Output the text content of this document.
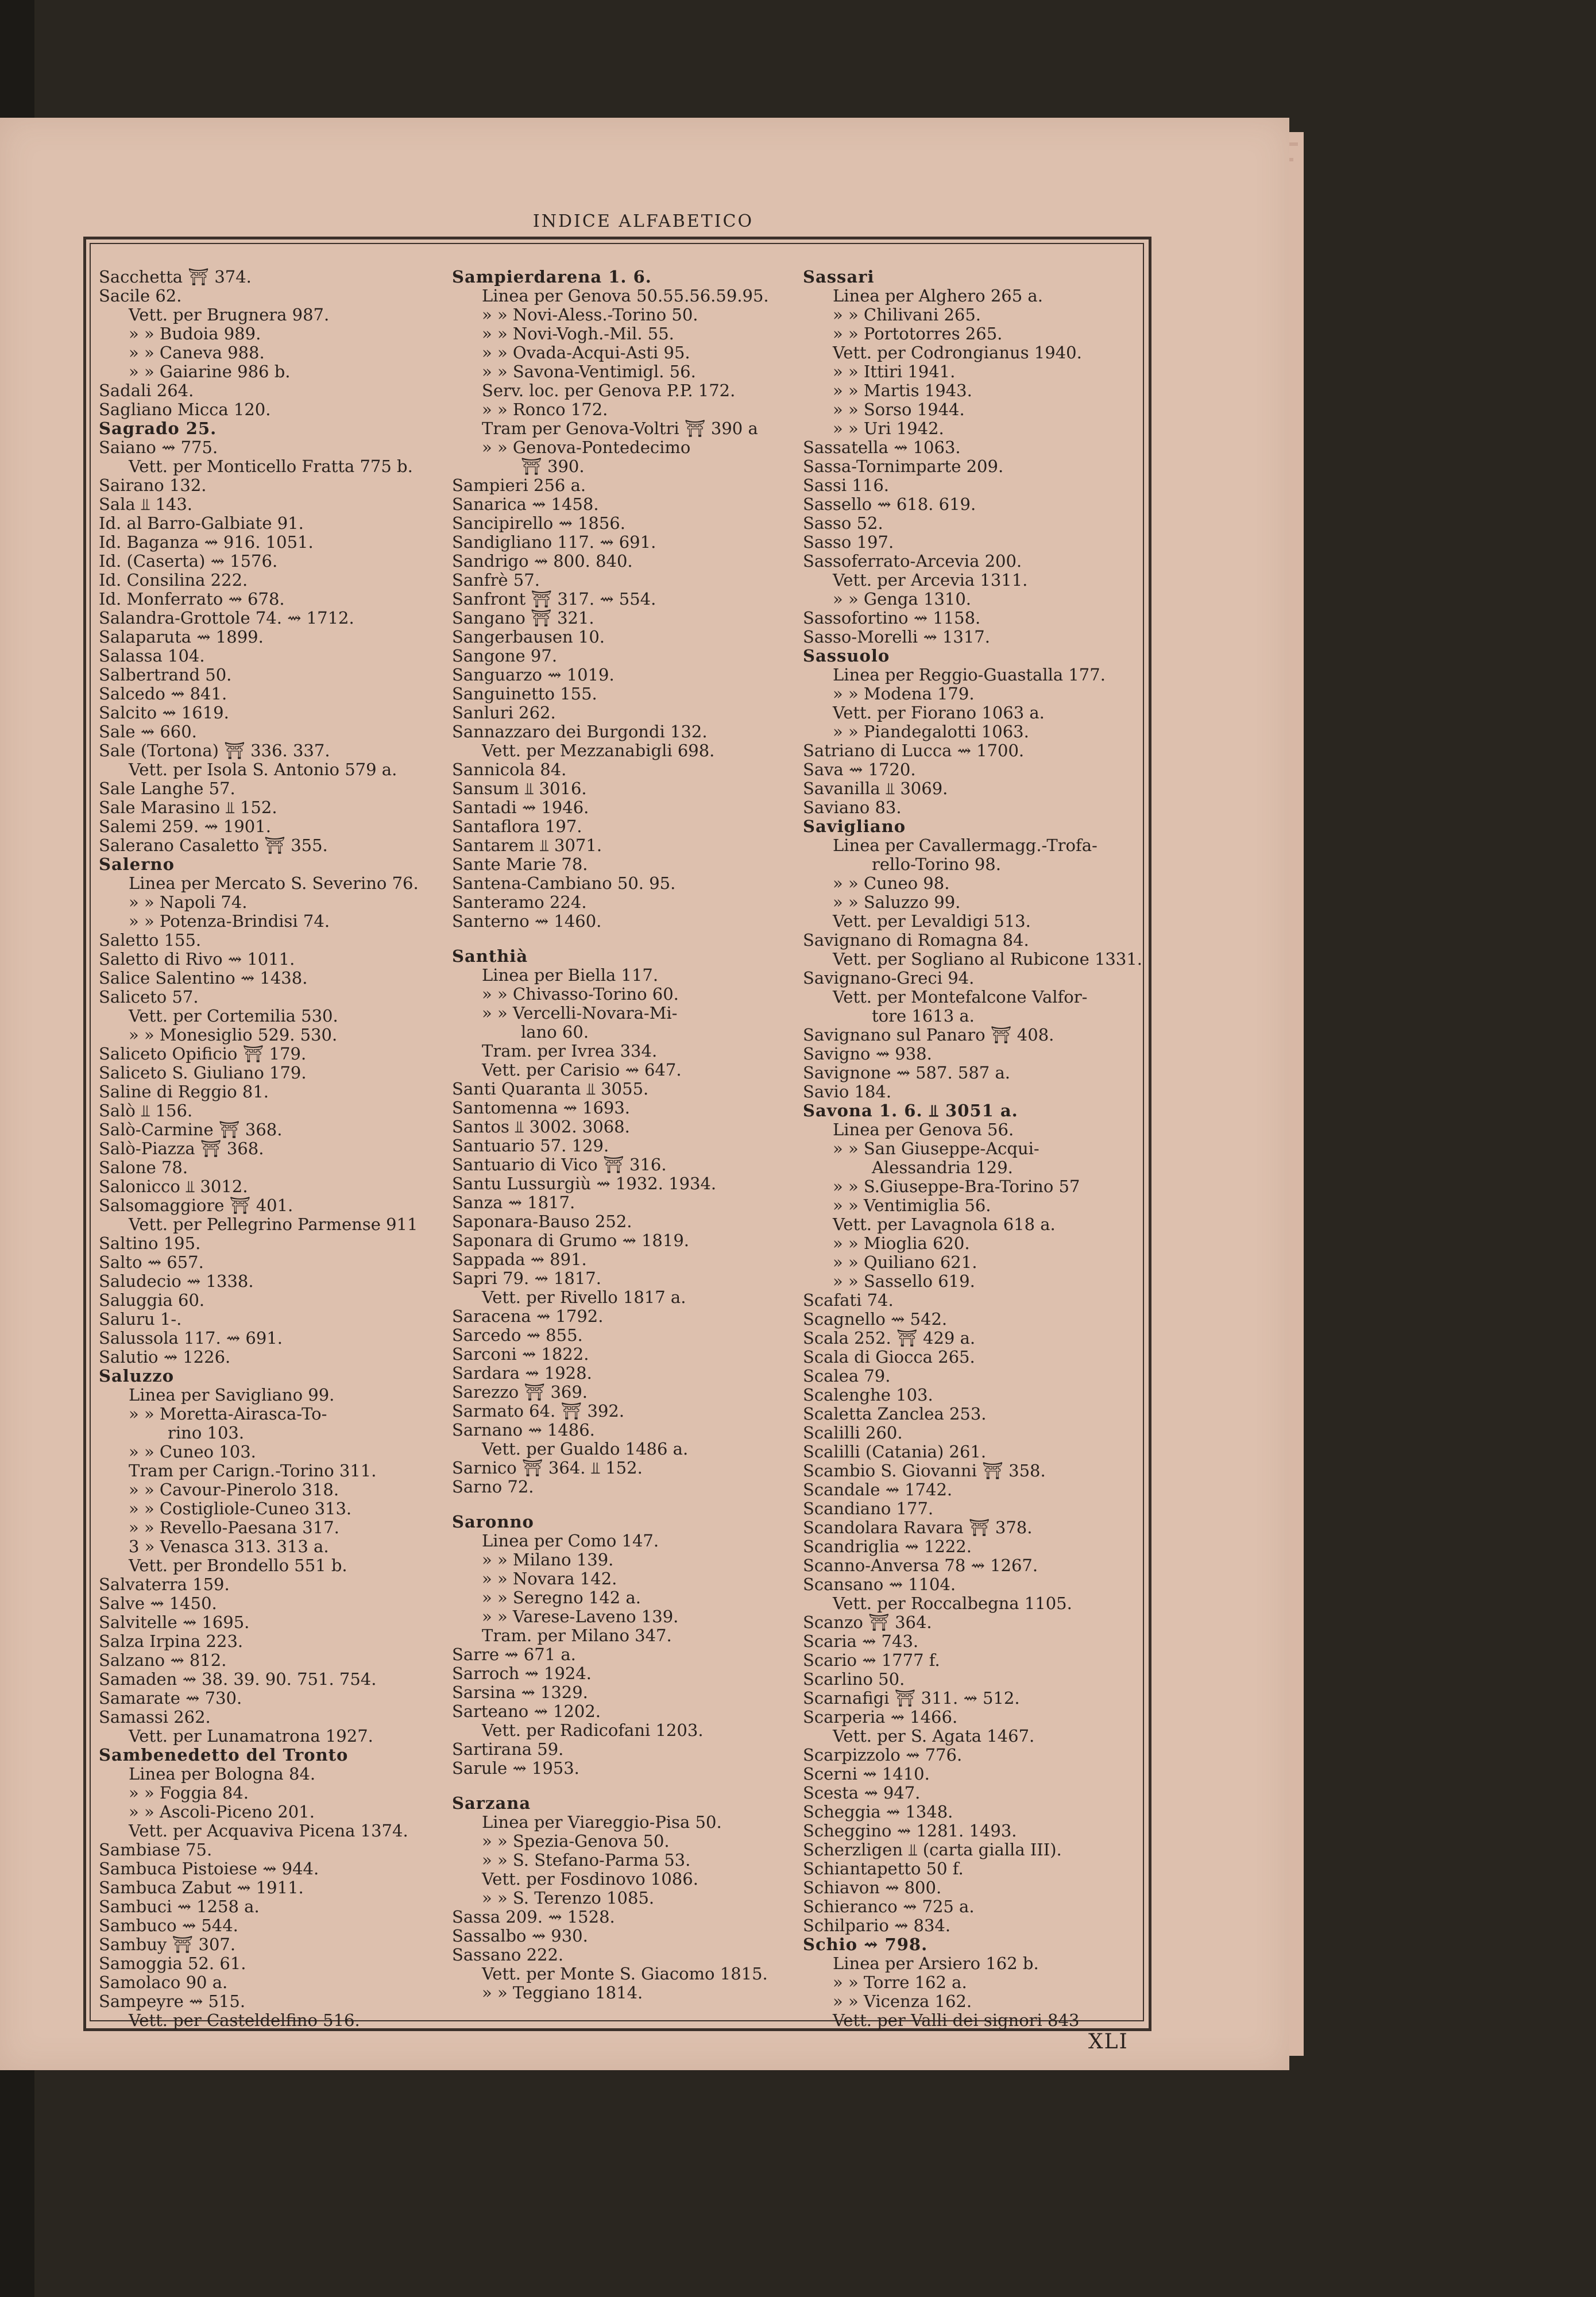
INDICE ALFABETICO
Sacchetta ⛩ 374.
Sacile 62.
Vett. per Brugnera 987.
» » Budoia 989.
» » Caneva 988.
» » Gaiarine 986 b.
Sadali 264.
Sagliano Micca 120.
Sagrado 25.
Saiano ⇝ 775.
Vett. per Monticello Fratta 775 b.
Sairano 132.
Sala ⫫ 143.
Id. al Barro-Galbiate 91.
Id. Baganza ⇝ 916. 1051.
Id. (Caserta) ⇝ 1576.
Id. Consilina 222.
Id. Monferrato ⇝ 678.
Salandra-Grottole 74. ⇝ 1712.
Salaparuta ⇝ 1899.
Salassa 104.
Salbertrand 50.
Salcedo ⇝ 841.
Salcito ⇝ 1619.
Sale ⇝ 660.
Sale (Tortona) ⛩ 336. 337.
Vett. per Isola S. Antonio 579 a.
Sale Langhe 57.
Sale Marasino ⫫ 152.
Salemi 259. ⇝ 1901.
Salerano Casaletto ⛩ 355.
Salerno
Linea per Mercato S. Severino 76.
» » Napoli 74.
» » Potenza-Brindisi 74.
Saletto 155.
Saletto di Rivo ⇝ 1011.
Salice Salentino ⇝ 1438.
Saliceto 57.
Vett. per Cortemilia 530.
» » Monesiglio 529. 530.
Saliceto Opificio ⛩ 179.
Saliceto S. Giuliano 179.
Saline di Reggio 81.
Salò ⫫ 156.
Salò-Carmine ⛩ 368.
Salò-Piazza ⛩ 368.
Salone 78.
Salonicco ⫫ 3012.
Salsomaggiore ⛩ 401.
Vett. per Pellegrino Parmense 911
Saltino 195.
Salto ⇝ 657.
Saludecio ⇝ 1338.
Saluggia 60.
Saluru 1-.
Salussola 117. ⇝ 691.
Salutio ⇝ 1226.
Saluzzo
Linea per Savigliano 99.
» » Moretta-Airasca-To-
rino 103.
» » Cuneo 103.
Tram per Carign.-Torino 311.
» » Cavour-Pinerolo 318.
» » Costigliole-Cuneo 313.
» » Revello-Paesana 317.
3 » Venasca 313. 313 a.
Vett. per Brondello 551 b.
Salvaterra 159.
Salve ⇝ 1450.
Salvitelle ⇝ 1695.
Salza Irpina 223.
Salzano ⇝ 812.
Samaden ⇝ 38. 39. 90. 751. 754.
Samarate ⇝ 730.
Samassi 262.
Vett. per Lunamatrona 1927.
Sambenedetto del Tronto
Linea per Bologna 84.
» » Foggia 84.
» » Ascoli-Piceno 201.
Vett. per Acquaviva Picena 1374.
Sambiase 75.
Sambuca Pistoiese ⇝ 944.
Sambuca Zabut ⇝ 1911.
Sambuci ⇝ 1258 a.
Sambuco ⇝ 544.
Sambuy ⛩ 307.
Samoggia 52. 61.
Samolaco 90 a.
Sampeyre ⇝ 515.
Vett. per Casteldelfino 516.
Sampierdarena 1. 6.
Linea per Genova 50.55.56.59.95.
» » Novi-Aless.-Torino 50.
» » Novi-Vogh.-Mil. 55.
» » Ovada-Acqui-Asti 95.
» » Savona-Ventimigl. 56.
Serv. loc. per Genova P.P. 172.
» » Ronco 172.
Tram per Genova-Voltri ⛩ 390 a
» » Genova-Pontedecimo
⛩ 390.
Sampieri 256 a.
Sanarica ⇝ 1458.
Sancipirello ⇝ 1856.
Sandigliano 117. ⇝ 691.
Sandrigo ⇝ 800. 840.
Sanfrè 57.
Sanfront ⛩ 317. ⇝ 554.
Sangano ⛩ 321.
Sangerbausen 10.
Sangone 97.
Sanguarzo ⇝ 1019.
Sanguinetto 155.
Sanluri 262.
Sannazzaro dei Burgondi 132.
Vett. per Mezzanabigli 698.
Sannicola 84.
Sansum ⫫ 3016.
Santadi ⇝ 1946.
Santaflora 197.
Santarem ⫫ 3071.
Sante Marie 78.
Santena-Cambiano 50. 95.
Santeramo 224.
Santerno ⇝ 1460.
Santhià
Linea per Biella 117.
» » Chivasso-Torino 60.
» » Vercelli-Novara-Mi-
lano 60.
Tram. per Ivrea 334.
Vett. per Carisio ⇝ 647.
Santi Quaranta ⫫ 3055.
Santomenna ⇝ 1693.
Santos ⫫ 3002. 3068.
Santuario 57. 129.
Santuario di Vico ⛩ 316.
Santu Lussurgiù ⇝ 1932. 1934.
Sanza ⇝ 1817.
Saponara-Bauso 252.
Saponara di Grumo ⇝ 1819.
Sappada ⇝ 891.
Sapri 79. ⇝ 1817.
Vett. per Rivello 1817 a.
Saracena ⇝ 1792.
Sarcedo ⇝ 855.
Sarconi ⇝ 1822.
Sardara ⇝ 1928.
Sarezzo ⛩ 369.
Sarmato 64. ⛩ 392.
Sarnano ⇝ 1486.
Vett. per Gualdo 1486 a.
Sarnico ⛩ 364. ⫫ 152.
Sarno 72.
Saronno
Linea per Como 147.
» » Milano 139.
» » Novara 142.
» » Seregno 142 a.
» » Varese-Laveno 139.
Tram. per Milano 347.
Sarre ⇝ 671 a.
Sarroch ⇝ 1924.
Sarsina ⇝ 1329.
Sarteano ⇝ 1202.
Vett. per Radicofani 1203.
Sartirana 59.
Sarule ⇝ 1953.
Sarzana
Linea per Viareggio-Pisa 50.
» » Spezia-Genova 50.
» » S. Stefano-Parma 53.
Vett. per Fosdinovo 1086.
» » S. Terenzo 1085.
Sassa 209. ⇝ 1528.
Sassalbo ⇝ 930.
Sassano 222.
Vett. per Monte S. Giacomo 1815.
» » Teggiano 1814.
Sassari
Linea per Alghero 265 a.
» » Chilivani 265.
» » Portotorres 265.
Vett. per Codrongianus 1940.
» » Ittiri 1941.
» » Martis 1943.
» » Sorso 1944.
» » Uri 1942.
Sassatella ⇝ 1063.
Sassa-Tornimparte 209.
Sassi 116.
Sassello ⇝ 618. 619.
Sasso 52.
Sasso 197.
Sassoferrato-Arcevia 200.
Vett. per Arcevia 1311.
» » Genga 1310.
Sassofortino ⇝ 1158.
Sasso-Morelli ⇝ 1317.
Sassuolo
Linea per Reggio-Guastalla 177.
» » Modena 179.
Vett. per Fiorano 1063 a.
» » Piandegalotti 1063.
Satriano di Lucca ⇝ 1700.
Sava ⇝ 1720.
Savanilla ⫫ 3069.
Saviano 83.
Savigliano
Linea per Cavallermagg.-Trofa-
rello-Torino 98.
» » Cuneo 98.
» » Saluzzo 99.
Vett. per Levaldigi 513.
Savignano di Romagna 84.
Vett. per Sogliano al Rubicone 1331.
Savignano-Greci 94.
Vett. per Montefalcone Valfor-
tore 1613 a.
Savignano sul Panaro ⛩ 408.
Savigno ⇝ 938.
Savignone ⇝ 587. 587 a.
Savio 184.
Savona 1. 6. ⫫ 3051 a.
Linea per Genova 56.
» » San Giuseppe-Acqui-
Alessandria 129.
» » S.Giuseppe-Bra-Torino 57
» » Ventimiglia 56.
Vett. per Lavagnola 618 a.
» » Mioglia 620.
» » Quiliano 621.
» » Sassello 619.
Scafati 74.
Scagnello ⇝ 542.
Scala 252. ⛩ 429 a.
Scala di Giocca 265.
Scalea 79.
Scalenghe 103.
Scaletta Zanclea 253.
Scalilli 260.
Scalilli (Catania) 261.
Scambio S. Giovanni ⛩ 358.
Scandale ⇝ 1742.
Scandiano 177.
Scandolara Ravara ⛩ 378.
Scandriglia ⇝ 1222.
Scanno-Anversa 78 ⇝ 1267.
Scansano ⇝ 1104.
Vett. per Roccalbegna 1105.
Scanzo ⛩ 364.
Scaria ⇝ 743.
Scario ⇝ 1777 f.
Scarlino 50.
Scarnafigi ⛩ 311. ⇝ 512.
Scarperia ⇝ 1466.
Vett. per S. Agata 1467.
Scarpizzolo ⇝ 776.
Scerni ⇝ 1410.
Scesta ⇝ 947.
Scheggia ⇝ 1348.
Scheggino ⇝ 1281. 1493.
Scherzligen ⫫ (carta gialla III).
Schiantapetto 50 f.
Schiavon ⇝ 800.
Schieranco ⇝ 725 a.
Schilpario ⇝ 834.
Schio ⇝ 798.
Linea per Arsiero 162 b.
» » Torre 162 a.
» » Vicenza 162.
Vett. per Valli dei signori 843
XLI
